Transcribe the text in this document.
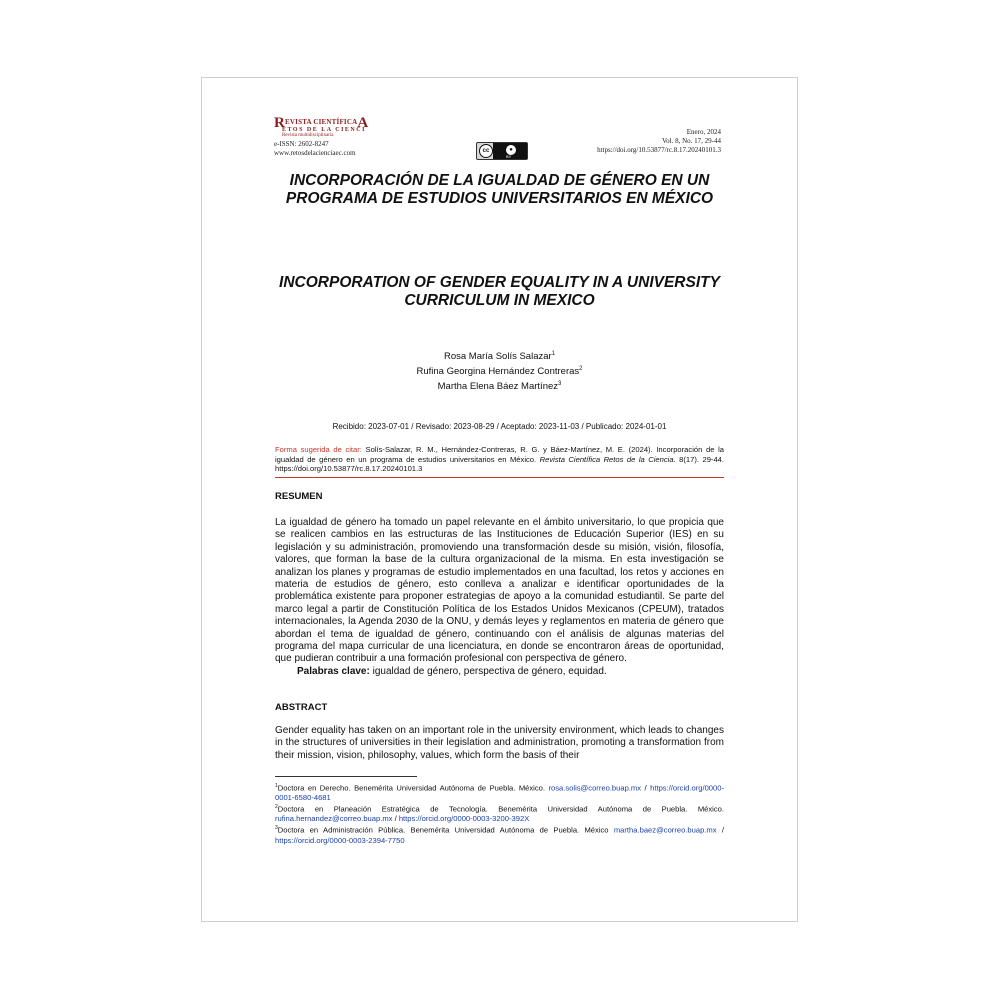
REVISTA CIENTÍFICAA
ETOS DE LA CIENCI
Revista multidisciplinaria
e-ISSN: 2602-8247
www.retosdelacienciaec.com	cc	●
BY
Enero, 2024
Vol. 8, No. 17, 29-44
https://doi.org/10.53877/rc.8.17.20240101.3
INCORPORACIÓN DE LA IGUALDAD DE GÉNERO EN UN PROGRAMA DE ESTUDIOS UNIVERSITARIOS EN MÉXICO
INCORPORATION OF GENDER EQUALITY IN A UNIVERSITY CURRICULUM IN MEXICO
Rosa María Solís Salazar$^1$
Rufina Georgina Hernández Contreras$^2$
Martha Elena Báez Martínez$^3$
Recibido: 2023-07-01 / Revisado: 2023-08-29 / Aceptado: 2023-11-03 / Publicado: 2024-01-01
Forma sugerida de citar: Solís-Salazar, R. M., Hernández-Contreras, R. G. y Báez-Martínez, M. E. (2024). Incorporación de la igualdad de género en un programa de estudios universitarios en México. Revista Científica Retos de la Ciencia. 8(17). 29-44. https://doi.org/10.53877/rc.8.17.20240101.3
RESUMEN
La igualdad de género ha tomado un papel relevante en el ámbito universitario, lo que propicia que se realicen cambios en las estructuras de las Instituciones de Educación Superior (IES) en su legislación y su administración, promoviendo una transformación desde su misión, visión, filosofía, valores, que forman la base de la cultura organizacional de la misma. En esta investigación se analizan los planes y programas de estudio implementados en una facultad, los retos y acciones en materia de estudios de género, esto conlleva a analizar e identificar oportunidades de la problemática existente para proponer estrategias de apoyo a la comunidad estudiantil. Se parte del marco legal a partir de Constitución Política de los Estados Unidos Mexicanos (CPEUM), tratados internacionales, la Agenda 2030 de la ONU, y demás leyes y reglamentos en materia de género que abordan el tema de igualdad de género, continuando con el análisis de algunas materias del programa del mapa curricular de una licenciatura, en donde se encontraron áreas de oportunidad, que pudieran contribuir a una formación profesional con perspectiva de género.
Palabras clave: igualdad de género, perspectiva de género, equidad.
ABSTRACT
Gender equality has taken on an important role in the university environment, which leads to changes in the structures of universities in their legislation and administration, promoting a transformation from their mission, vision, philosophy, values, which form the basis of their
$^1$Doctora en Derecho. Benemérita Universidad Autónoma de Puebla. México. rosa.solis@correo.buap.mx / https://orcid.org/0000-0001-6580-4681
$^2$Doctora en Planeación Estratégica de Tecnología. Benemérita Universidad Autónoma de Puebla. México. rufina.hernandez@correo.buap.mx / https://orcid.org/0000-0003-3200-392X
$^3$Doctora en Administración Pública. Benemérita Universidad Autónoma de Puebla. México martha.baez@correo.buap.mx / https://orcid.org/0000-0003-2394-7750
